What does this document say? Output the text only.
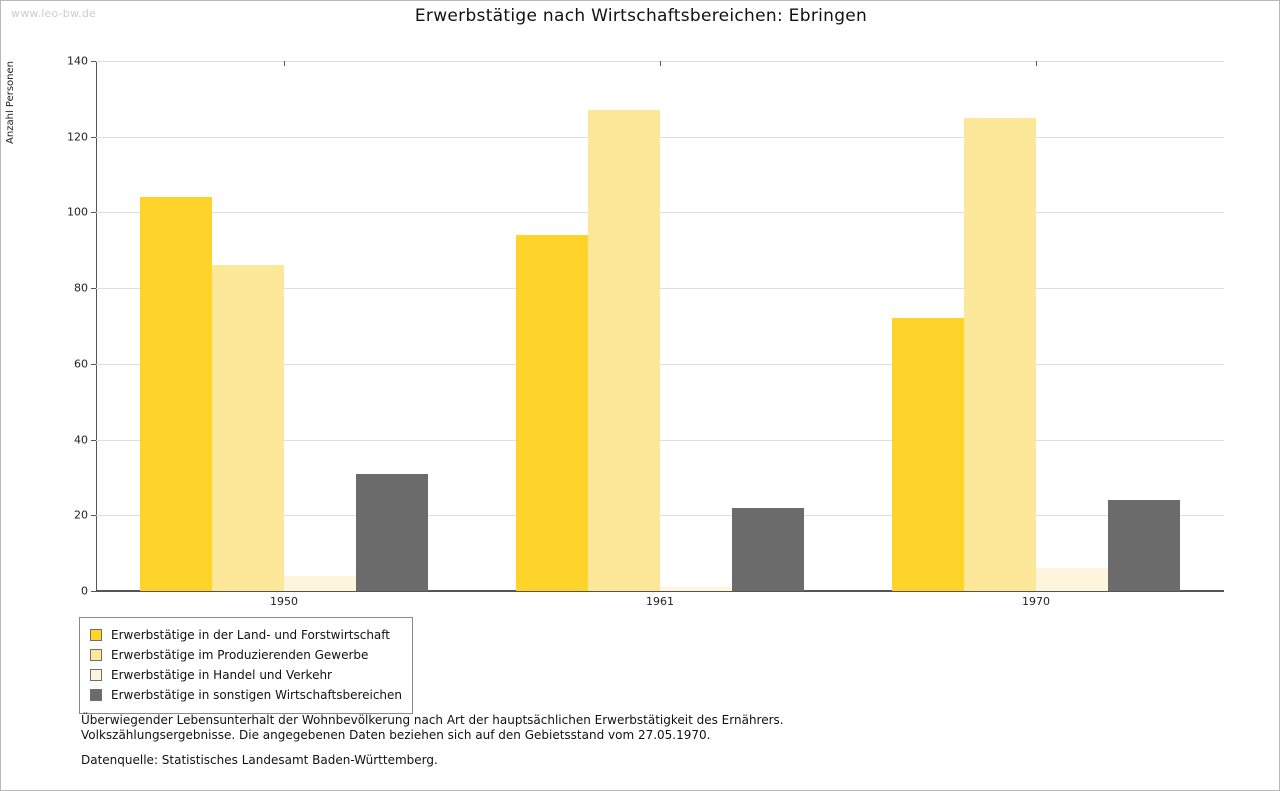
www.leo-bw.de	Erwerbstätige nach Wirtschaftsbereichen: Ebringen
Anzahl Personen
0
20
40
60
80
100
120
140
1950	1961	1970
Erwerbstätige in der Land- und Forstwirtschaft
Erwerbstätige im Produzierenden Gewerbe
Erwerbstätige in Handel und Verkehr
Erwerbstätige in sonstigen Wirtschaftsbereichen
Überwiegender Lebensunterhalt der Wohnbevölkerung nach Art der hauptsächlichen Erwerbstätigkeit des Ernährers.
Volkszählungsergebnisse. Die angegebenen Daten beziehen sich auf den Gebietsstand vom 27.05.1970.
Datenquelle: Statistisches Landesamt Baden-Württemberg.
